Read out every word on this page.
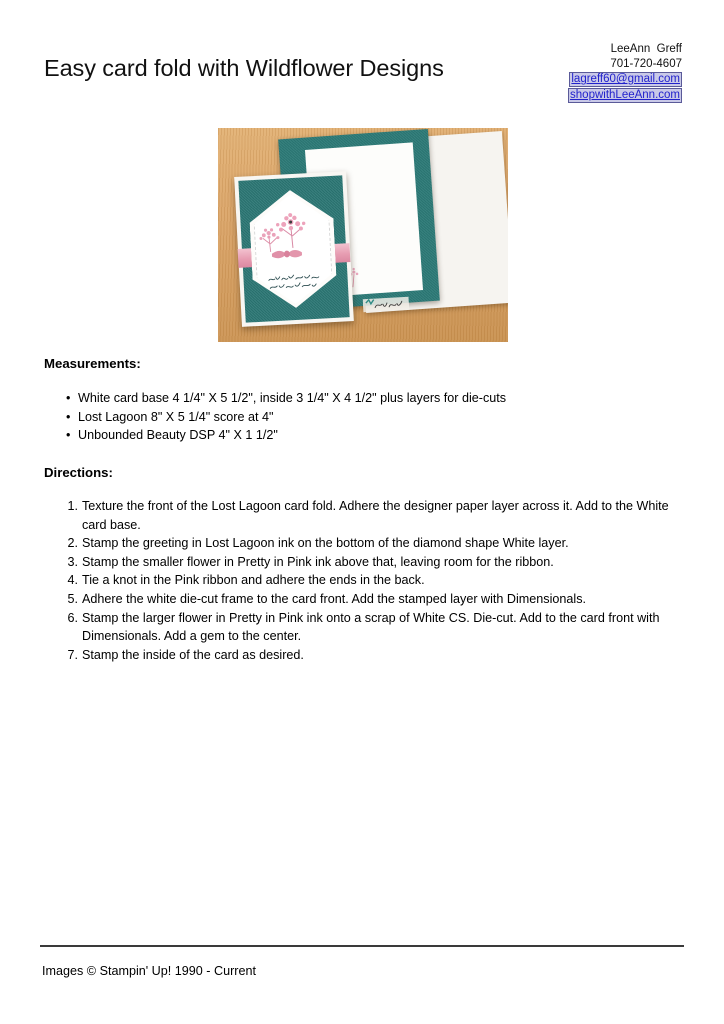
Easy card fold with Wildflower Designs
LeeAnn  Greff
701-720-4607
lagreff60@gmail.com
shopwithLeeAnn.com
Measurements:
• White card base 4 1/4" X 5 1/2", inside 3 1/4" X 4 1/2" plus layers for die-cuts
• Lost Lagoon 8" X 5 1/4" score at 4"
• Unbounded Beauty DSP 4" X 1 1/2"
Directions:
Texture the front of the Lost Lagoon card fold. Adhere the designer paper layer across it. Add to the White card base.
Stamp the greeting in Lost Lagoon ink on the bottom of the diamond shape White layer.
Stamp the smaller flower in Pretty in Pink ink above that, leaving room for the ribbon.
Tie a knot in the Pink ribbon and adhere the ends in the back.
Adhere the white die-cut frame to the card front. Add the stamped layer with Dimensionals.
Stamp the larger flower in Pretty in Pink ink onto a scrap of White CS. Die-cut. Add to the card front with Dimensionals. Add a gem to the center.
Stamp the inside of the card as desired.
Images © Stampin' Up! 1990 - Current
